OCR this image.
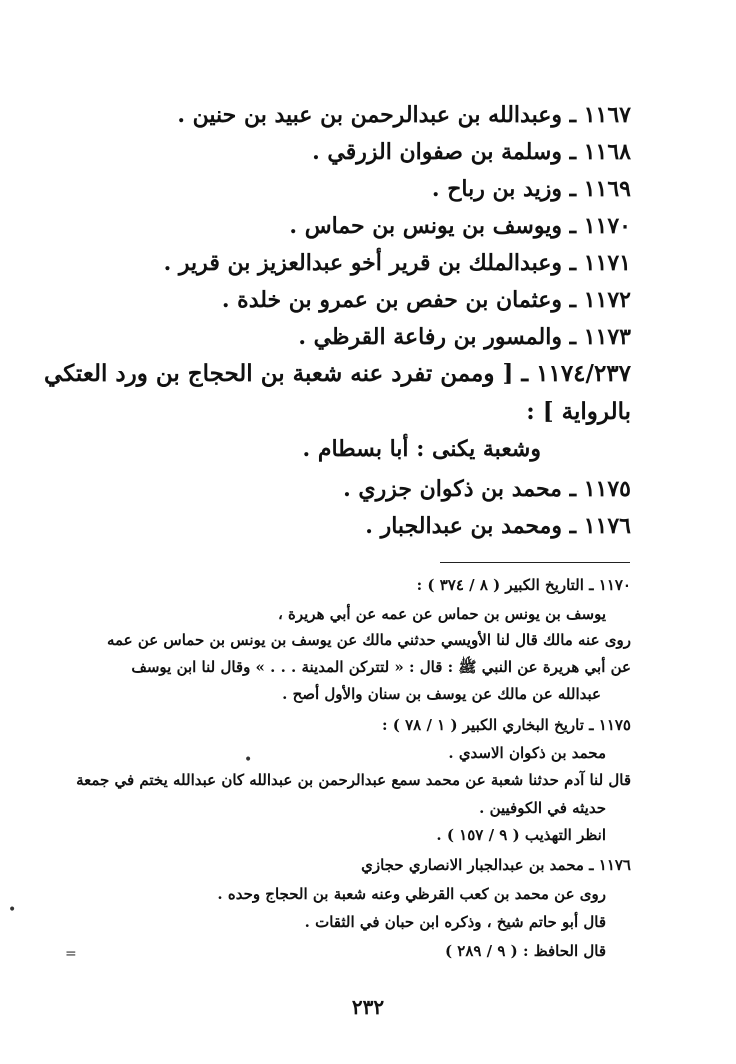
١١٦٧ ـ وعبدالله بن عبدالرحمن بن عبيد بن حنين .
١١٦٨ ـ وسلمة بن صفوان الزرقي .
١١٦٩ ـ وزيد بن رباح .
١١٧٠ ـ ويوسف بن يونس بن حماس .
١١٧١ ـ وعبدالملك بن قرير أخو عبدالعزيز بن قرير .
١١٧٢ ـ وعثمان بن حفص بن عمرو بن خلدة .
١١٧٣ ـ والمسور بن رفاعة القرظي .
١١٧٤/٢٣٧ ـ [ وممن تفرد عنه شعبة بن الحجاج بن ورد العتكي
بالرواية ] :
وشعبة يكنى : أبا بسطام .
١١٧٥ ـ محمد بن ذكوان جزري .
١١٧٦ ـ ومحمد بن عبدالجبار .
١١٧٠ ـ التاريخ الكبير ( ٨ / ٣٧٤ ) :
يوسف بن يونس بن حماس عن عمه عن أبي هريرة ،
روى عنه مالك قال لنا الأويسي حدثني مالك عن يوسف بن يونس بن حماس عن عمه
عن أبي هريرة عن النبي ﷺ : قال : « لتتركن المدينة . . . » وقال لنا ابن يوسف
عبدالله عن مالك عن يوسف بن سنان والأول أصح .
١١٧٥ ـ تاريخ البخاري الكبير ( ١ / ٧٨ ) :
محمد بن ذكوان الاسدي .
قال لنا آدم حدثنا شعبة عن محمد سمع عبدالرحمن بن عبدالله كان عبدالله يختم في جمعة
حديثه في الكوفيين .
انظر التهذيب ( ٩ / ١٥٧ ) .
١١٧٦ ـ محمد بن عبدالجبار الانصاري حجازي
روى عن محمد بن كعب القرظي وعنه شعبة بن الحجاج وحده .
قال أبو حاتم شيخ ، وذكره ابن حبان في الثقات .
قال الحافظ : ( ٩ / ٢٨٩ )
=
•
•
٢٣٢
